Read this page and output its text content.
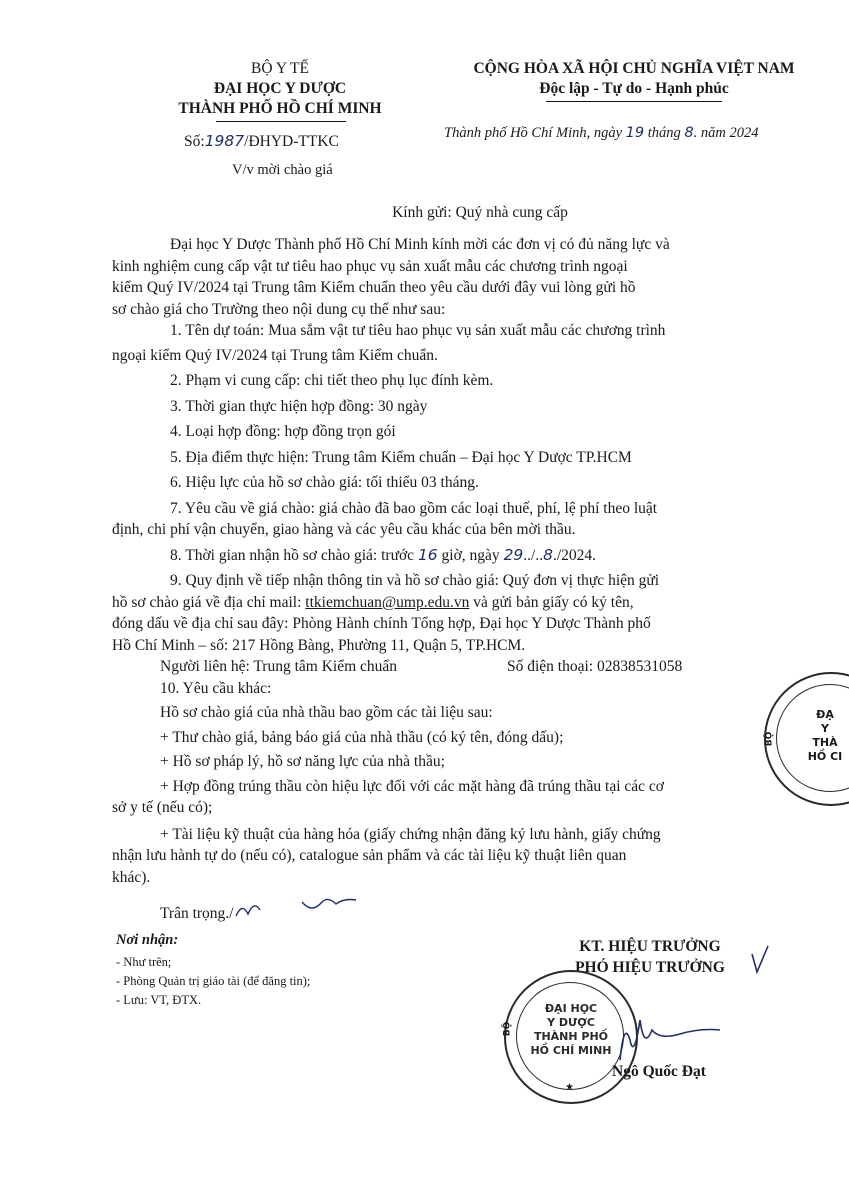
BỘ Y TẾ
ĐẠI HỌC Y DƯỢC
THÀNH PHỐ HỒ CHÍ MINH
Số:1987/ĐHYD-TTKC
V/v mời chào giá
CỘNG HÒA XÃ HỘI CHỦ NGHĨA VIỆT NAM
Độc lập - Tự do - Hạnh phúc
Thành phố Hồ Chí Minh, ngày 19 tháng 8. năm 2024
Kính gửi: Quý nhà cung cấp
Đại học Y Dược Thành phố Hồ Chí Minh kính mời các đơn vị có đủ năng lực và
kinh nghiệm cung cấp vật tư tiêu hao phục vụ sản xuất mẫu các chương trình ngoại
kiểm Quý IV/2024 tại Trung tâm Kiểm chuẩn theo yêu cầu dưới đây vui lòng gửi hồ
sơ chào giá cho Trường theo nội dung cụ thể như sau:
1. Tên dự toán: Mua sắm vật tư tiêu hao phục vụ sản xuất mẫu các chương trình
ngoại kiểm Quý IV/2024 tại Trung tâm Kiểm chuẩn.
2. Phạm vi cung cấp: chi tiết theo phụ lục đính kèm.
3. Thời gian thực hiện hợp đồng: 30 ngày
4. Loại hợp đồng: hợp đồng trọn gói
5. Địa điểm thực hiện: Trung tâm Kiểm chuẩn – Đại học Y Dược TP.HCM
6. Hiệu lực của hồ sơ chào giá: tối thiểu 03 tháng.
7. Yêu cầu về giá chào: giá chào đã bao gồm các loại thuế, phí, lệ phí theo luật
định, chi phí vận chuyển, giao hàng và các yêu cầu khác của bên mời thầu.
8. Thời gian nhận hồ sơ chào giá: trước 16 giờ, ngày 29../..8./2024.
9. Quy định về tiếp nhận thông tin và hồ sơ chào giá: Quý đơn vị thực hiện gửi
hồ sơ chào giá về địa chỉ mail: ttkiemchuan@ump.edu.vn và gửi bản giấy có ký tên,
đóng dấu về địa chỉ sau đây: Phòng Hành chính Tổng hợp, Đại học Y Dược Thành phố
Hồ Chí Minh – số: 217 Hồng Bàng, Phường 11, Quận 5, TP.HCM.
Người liên hệ: Trung tâm Kiểm chuẩn	Số điện thoại: 02838531058
10. Yêu cầu khác:
Hồ sơ chào giá của nhà thầu bao gồm các tài liệu sau:
+ Thư chào giá, bảng báo giá của nhà thầu (có ký tên, đóng dấu);
+ Hồ sơ pháp lý, hồ sơ năng lực của nhà thầu;
+ Hợp đồng trúng thầu còn hiệu lực đối với các mặt hàng đã trúng thầu tại các cơ
sở y tế (nếu có);
+ Tài liệu kỹ thuật của hàng hóa (giấy chứng nhận đăng ký lưu hành, giấy chứng
nhận lưu hành tự do (nếu có), catalogue sản phẩm và các tài liệu kỹ thuật liên quan
khác).
Trân trọng./
Nơi nhận:
- Như trên;
- Phòng Quản trị giáo tài (để đăng tin);
- Lưu: VT, ĐTX.
KT. HIỆU TRƯỞNG
PHÓ HIỆU TRƯỞNG
ĐẠI HỌC
Y DƯỢC
THÀNH PHỐ
HỒ CHÍ MINH
BỘ
★
Ngô Quốc Đạt
ĐẠ
Y
THÀ
HỒ CI
BỘ
